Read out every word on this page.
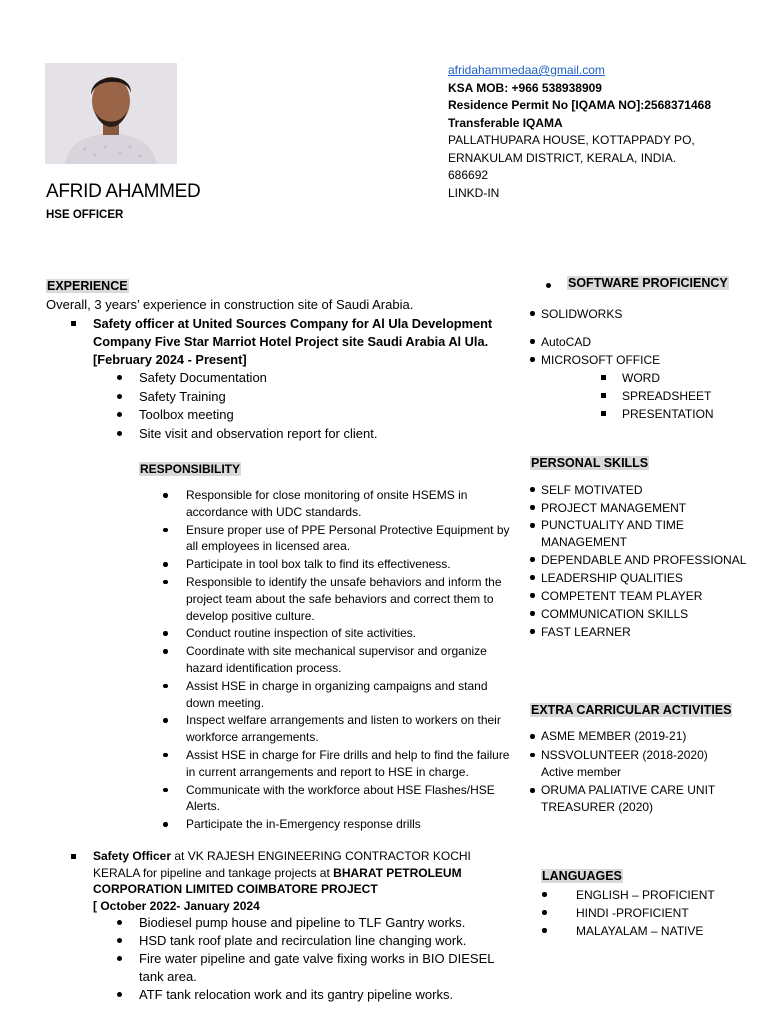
AFRID AHAMMED
HSE OFFICER
afridahammedaa@gmail.com
KSA MOB: +966 538938909
Residence Permit No [IQAMA NO]:2568371468
Transferable IQAMA
PALLATHUPARA HOUSE, KOTTAPPADY PO,
ERNAKULAM DISTRICT, KERALA, INDIA.
686692
LINKD-IN
EXPERIENCE
Overall, 3 years’ experience in construction site of Saudi Arabia.
Safety officer at United Sources Company for Al Ula Development Company Five Star Marriot Hotel Project site Saudi Arabia Al Ula. [February 2024 - Present]
Safety Documentation
Safety Training
Toolbox meeting
Site visit and observation report for client.
RESPONSIBILITY
Responsible for close monitoring of onsite HSEMS in accordance with UDC standards.
Ensure proper use of PPE Personal Protective Equipment by all employees in licensed area.
Participate in tool box talk to find its effectiveness.
Responsible to identify the unsafe behaviors and inform the project team about the safe behaviors and correct them to develop positive culture.
Conduct routine inspection of site activities.
Coordinate with site mechanical supervisor and organize hazard identification process.
Assist HSE in charge in organizing campaigns and stand down meeting.
Inspect welfare arrangements and listen to workers on their workforce arrangements.
Assist HSE in charge for Fire drills and help to find the failure in current arrangements and report to HSE in charge.
Communicate with the workforce about HSE Flashes/HSE Alerts.
Participate the in-Emergency response drills
Safety Officer at VK RAJESH ENGINEERING CONTRACTOR KOCHI KERALA for pipeline and tankage projects at BHARAT PETROLEUM CORPORATION LIMITED COIMBATORE PROJECT
[ October 2022- January 2024
Biodiesel pump house and pipeline to TLF Gantry works.
HSD tank roof plate and recirculation line changing work.
Fire water pipeline and gate valve fixing works in BIO DIESEL tank area.
ATF tank relocation work and its gantry pipeline works.
SOFTWARE PROFICIENCY
SOLIDWORKS
AutoCAD
MICROSOFT OFFICE
WORD
SPREADSHEET
PRESENTATION
PERSONAL SKILLS
SELF MOTIVATED
PROJECT MANAGEMENT
PUNCTUALITY AND TIME MANAGEMENT
DEPENDABLE AND PROFESSIONAL
LEADERSHIP QUALITIES
COMPETENT TEAM PLAYER
COMMUNICATION SKILLS
FAST LEARNER
EXTRA CARRICULAR ACTIVITIES
ASME MEMBER (2019-21)
NSSVOLUNTEER (2018-2020) Active member
ORUMA PALIATIVE CARE UNIT TREASURER (2020)
LANGUAGES
ENGLISH – PROFICIENT
HINDI -PROFICIENT
MALAYALAM – NATIVE
